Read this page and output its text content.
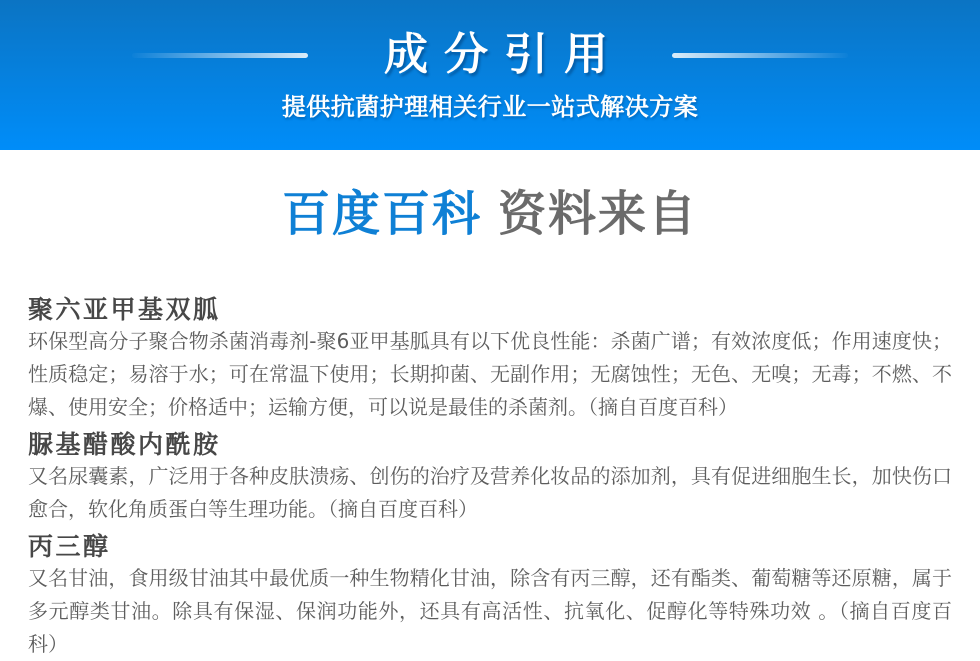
成分引用

提供抗菌护理相关行业一站式解决方案

百度百科 资料来自
聚六亚甲基双胍

环保型高分子聚合物杀菌消毒剂-聚6亚甲基胍具有以下优良性能：杀菌广谱；有效浓度低；作用速度快；性质稳定；易溶于水；可在常温下使用；长期抑菌、无副作用；无腐蚀性；无色、无嗅；无毒；不燃、不爆、使用安全；价格适中；运输方便，可以说是最佳的杀菌剂。（摘自百度百科）

脲基醋酸内酰胺

又名尿囊素，广泛用于各种皮肤溃疡、创伤的治疗及营养化妆品的添加剂，具有促进细胞生长，加快伤口愈合，软化角质蛋白等生理功能。（摘自百度百科）

丙三醇

又名甘油，食用级甘油其中最优质一种生物精化甘油，除含有丙三醇，还有酯类、葡萄糖等还原糖，属于多元醇类甘油。除具有保湿、保润功能外，还具有高活性、抗氧化、促醇化等特殊功效 。（摘自百度百科）
